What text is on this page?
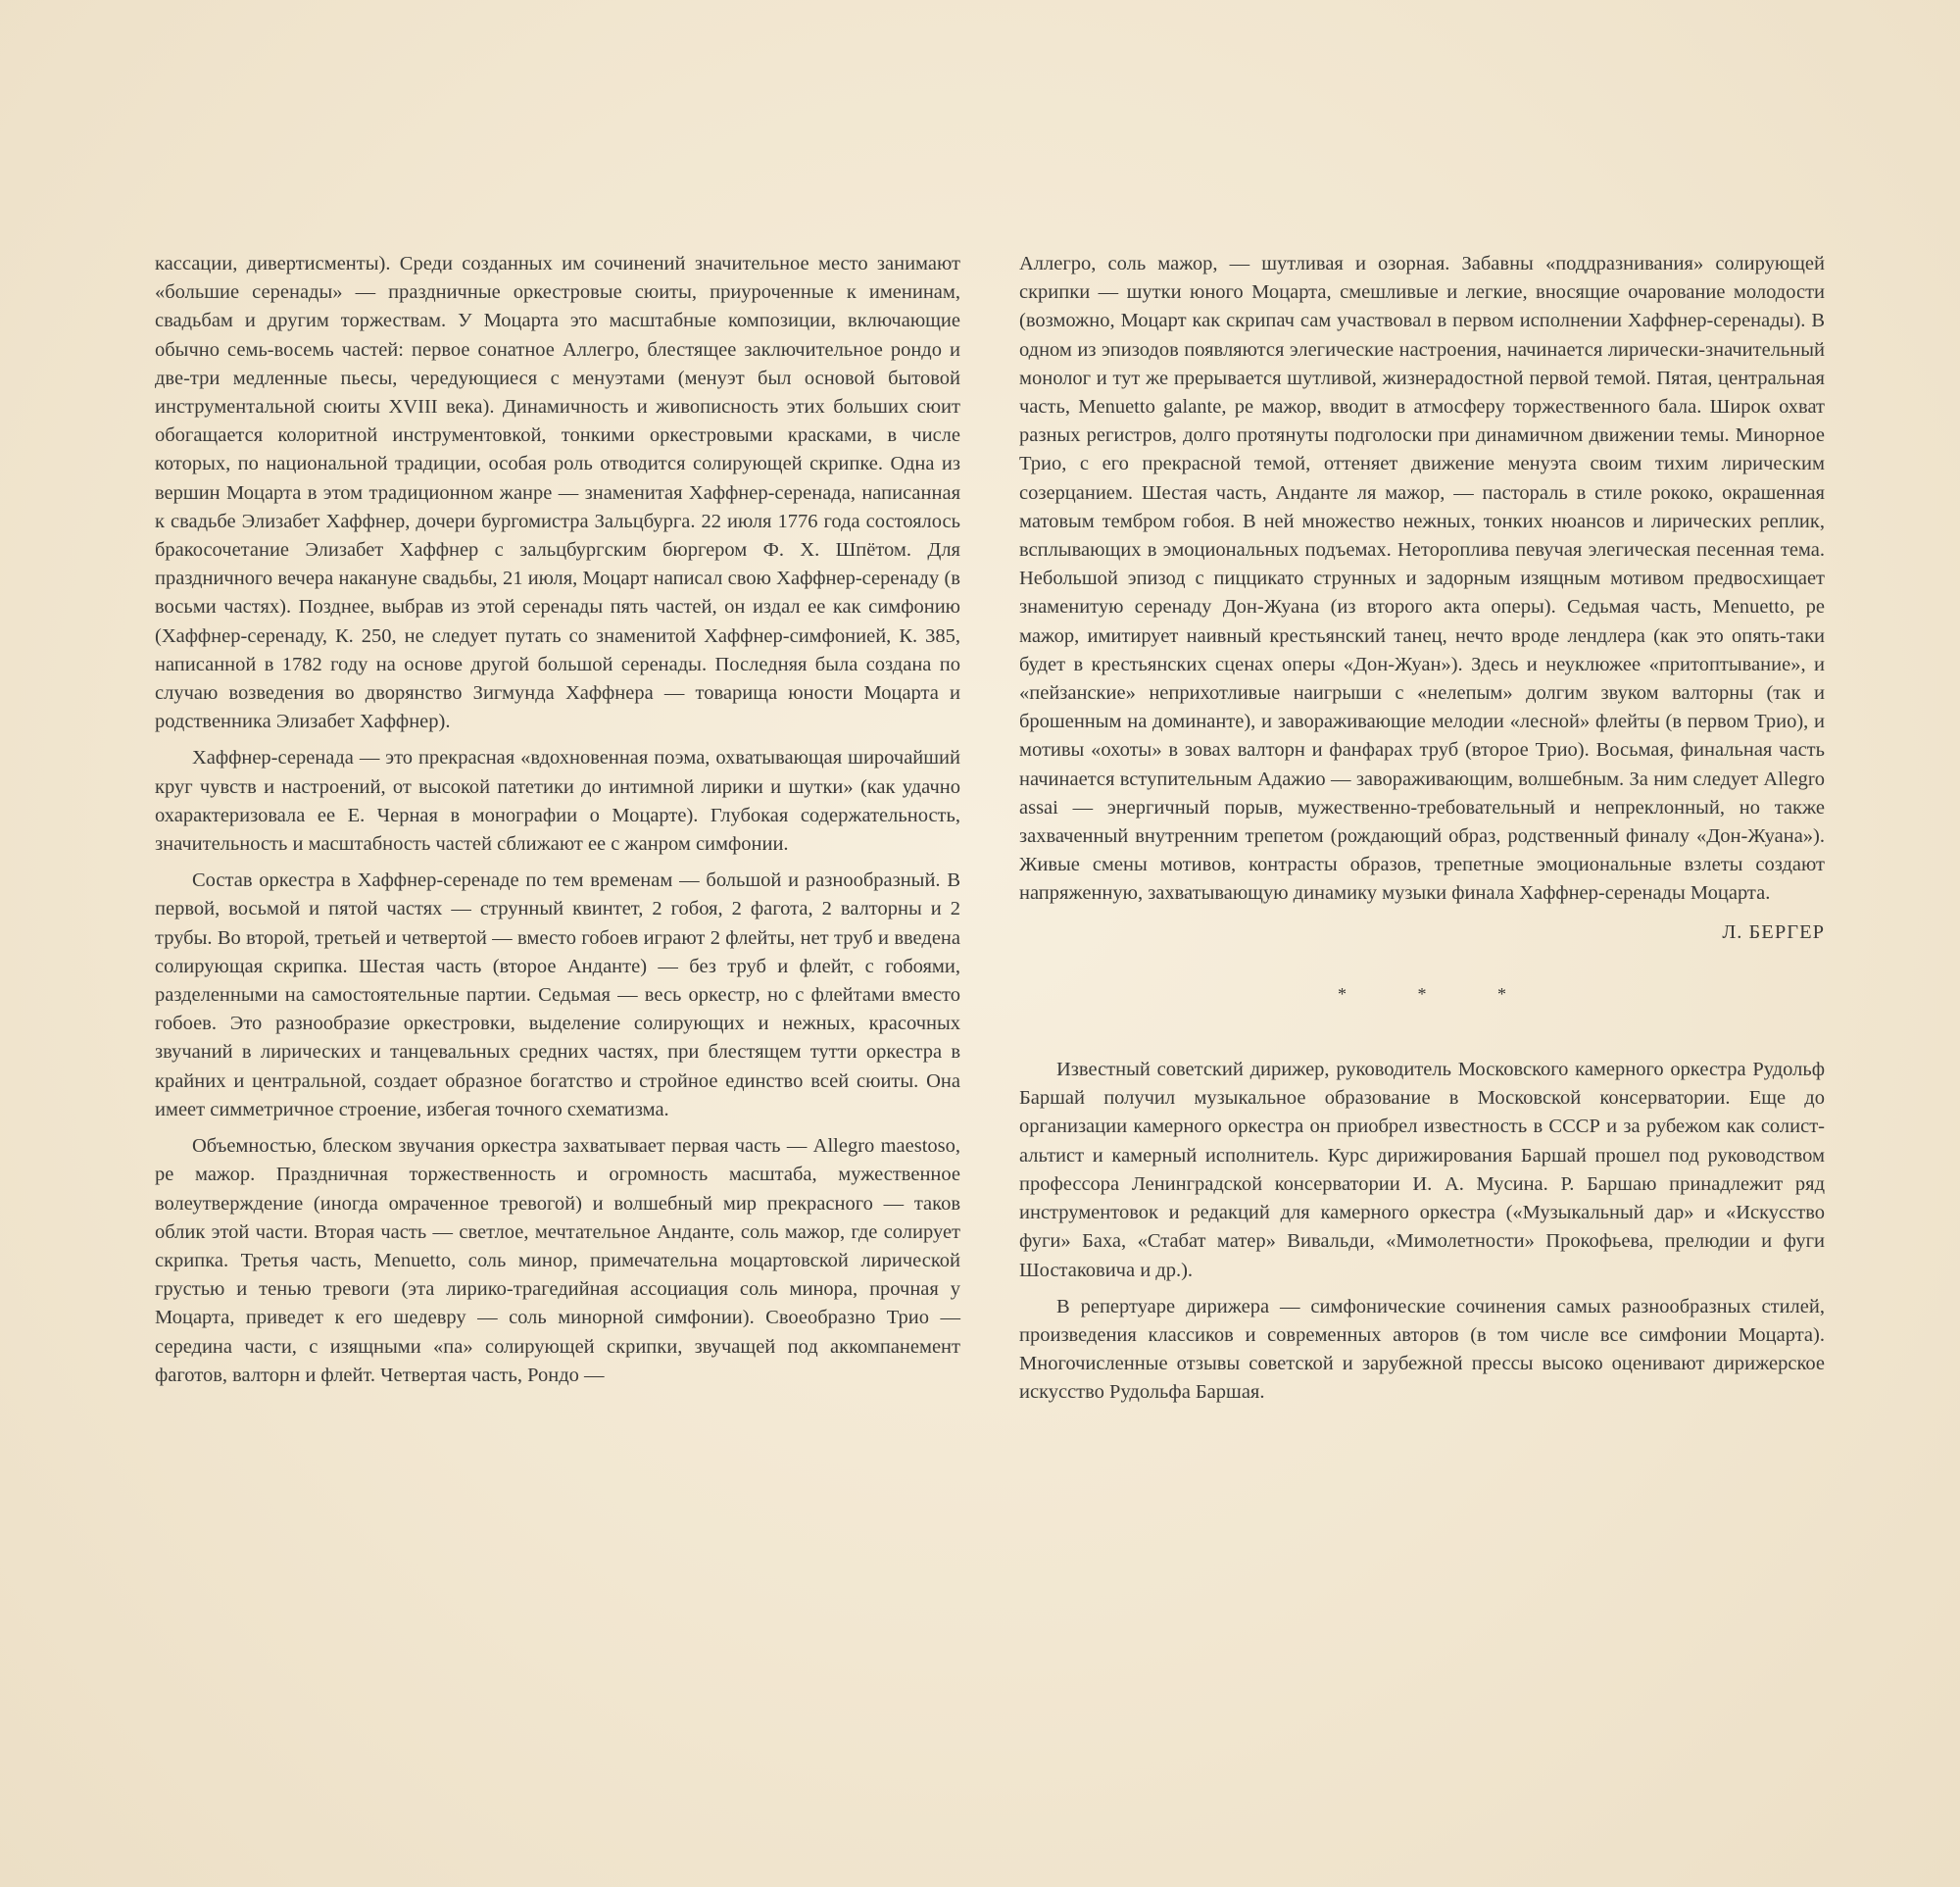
кассации, дивертисменты). Среди созданных им сочинений значительное место занимают «большие серенады» — праздничные оркестровые сюиты, приуроченные к именинам, свадьбам и другим торжествам. У Моцарта это масштабные композиции, включающие обычно семь-восемь частей: первое сонатное Аллегро, блестящее заключительное рондо и две-три медленные пьесы, чередующиеся с менуэтами (менуэт был основой бытовой инструментальной сюиты XVIII века). Динамичность и живописность этих больших сюит обогащается колоритной инструментовкой, тонкими оркестровыми красками, в числе которых, по национальной традиции, особая роль отводится солирующей скрипке. Одна из вершин Моцарта в этом традиционном жанре — знаменитая Хаффнер-серенада, написанная к свадьбе Элизабет Хаффнер, дочери бургомистра Зальцбурга. 22 июля 1776 года состоялось бракосочетание Элизабет Хаффнер с зальцбургским бюргером Ф. Х. Шпётом. Для праздничного вечера накануне свадьбы, 21 июля, Моцарт написал свою Хаффнер-серенаду (в восьми частях). Позднее, выбрав из этой серенады пять частей, он издал ее как симфонию (Хаффнер-серенаду, К. 250, не следует путать со знаменитой Хаффнер-симфонией, К. 385, написанной в 1782 году на основе другой большой серенады. Последняя была создана по случаю возведения во дворянство Зигмунда Хаффнера — товарища юности Моцарта и родственника Элизабет Хаффнер).

Хаффнер-серенада — это прекрасная «вдохновенная поэма, охватывающая широчайший круг чувств и настроений, от высокой патетики до интимной лирики и шутки» (как удачно охарактеризовала ее Е. Черная в монографии о Моцарте). Глубокая содержательность, значительность и масштабность частей сближают ее с жанром симфонии.

Состав оркестра в Хаффнер-серенаде по тем временам — большой и разнообразный. В первой, восьмой и пятой частях — струнный квинтет, 2 гобоя, 2 фагота, 2 валторны и 2 трубы. Во второй, третьей и четвертой — вместо гобоев играют 2 флейты, нет труб и введена солирующая скрипка. Шестая часть (второе Анданте) — без труб и флейт, с гобоями, разделенными на самостоятельные партии. Седьмая — весь оркестр, но с флейтами вместо гобоев. Это разнообразие оркестровки, выделение солирующих и нежных, красочных звучаний в лирических и танцевальных средних частях, при блестящем тутти оркестра в крайних и центральной, создает образное богатство и стройное единство всей сюиты. Она имеет симметричное строение, избегая точного схематизма.

Объемностью, блеском звучания оркестра захватывает первая часть — Allegro maestoso, ре мажор. Праздничная торжественность и огромность масштаба, мужественное волеутверждение (иногда омраченное тревогой) и волшебный мир прекрасного — таков облик этой части. Вторая часть — светлое, мечтательное Анданте, соль мажор, где солирует скрипка. Третья часть, Menuetto, соль минор, примечательна моцартовской лирической грустью и тенью тревоги (эта лирико-трагедийная ассоциация соль минора, прочная у Моцарта, приведет к его шедевру — соль минорной симфонии). Своеобразно Трио — середина части, с изящными «па» солирующей скрипки, звучащей под аккомпанемент фаготов, валторн и флейт. Четвертая часть, Рондо —

Аллегро, соль мажор, — шутливая и озорная. Забавны «поддразнивания» солирующей скрипки — шутки юного Моцарта, смешливые и легкие, вносящие очарование молодости (возможно, Моцарт как скрипач сам участвовал в первом исполнении Хаффнер-серенады). В одном из эпизодов появляются элегические настроения, начинается лирически-значительный монолог и тут же прерывается шутливой, жизнерадостной первой темой. Пятая, центральная часть, Menuetto galante, ре мажор, вводит в атмосферу торжественного бала. Широк охват разных регистров, долго протянуты подголоски при динамичном движении темы. Минорное Трио, с его прекрасной темой, оттеняет движение менуэта своим тихим лирическим созерцанием. Шестая часть, Анданте ля мажор, — пастораль в стиле рококо, окрашенная матовым тембром гобоя. В ней множество нежных, тонких нюансов и лирических реплик, всплывающих в эмоциональных подъемах. Нетороплива певучая элегическая песенная тема. Небольшой эпизод с пиццикато струнных и задорным изящным мотивом предвосхищает знаменитую серенаду Дон-Жуана (из второго акта оперы). Седьмая часть, Menuetto, ре мажор, имитирует наивный крестьянский танец, нечто вроде лендлера (как это опять-таки будет в крестьянских сценах оперы «Дон-Жуан»). Здесь и неуклюжее «притоптывание», и «пейзанские» неприхотливые наигрыши с «нелепым» долгим звуком валторны (так и брошенным на доминанте), и завораживающие мелодии «лесной» флейты (в первом Трио), и мотивы «охоты» в зовах валторн и фанфарах труб (второе Трио). Восьмая, финальная часть начинается вступительным Адажио — завораживающим, волшебным. За ним следует Allegro assai — энергичный порыв, мужественно-требовательный и непреклонный, но также захваченный внутренним трепетом (рождающий образ, родственный финалу «Дон-Жуана»). Живые смены мотивов, контрасты образов, трепетные эмоциональные взлеты создают напряженную, захватывающую динамику музыки финала Хаффнер-серенады Моцарта.

Л. БЕРГЕР
* * *

Известный советский дирижер, руководитель Московского камерного оркестра Рудольф Баршай получил музыкальное образование в Московской консерватории. Еще до организации камерного оркестра он приобрел известность в СССР и за рубежом как солист-альтист и камерный исполнитель. Курс дирижирования Баршай прошел под руководством профессора Ленинградской консерватории И. А. Мусина. Р. Баршаю принадлежит ряд инструментовок и редакций для камерного оркестра («Музыкальный дар» и «Искусство фуги» Баха, «Стабат матер» Вивальди, «Мимолетности» Прокофьева, прелюдии и фуги Шостаковича и др.).

В репертуаре дирижера — симфонические сочинения самых разнообразных стилей, произведения классиков и современных авторов (в том числе все симфонии Моцарта). Многочисленные отзывы советской и зарубежной прессы высоко оценивают дирижерское искусство Рудольфа Баршая.
